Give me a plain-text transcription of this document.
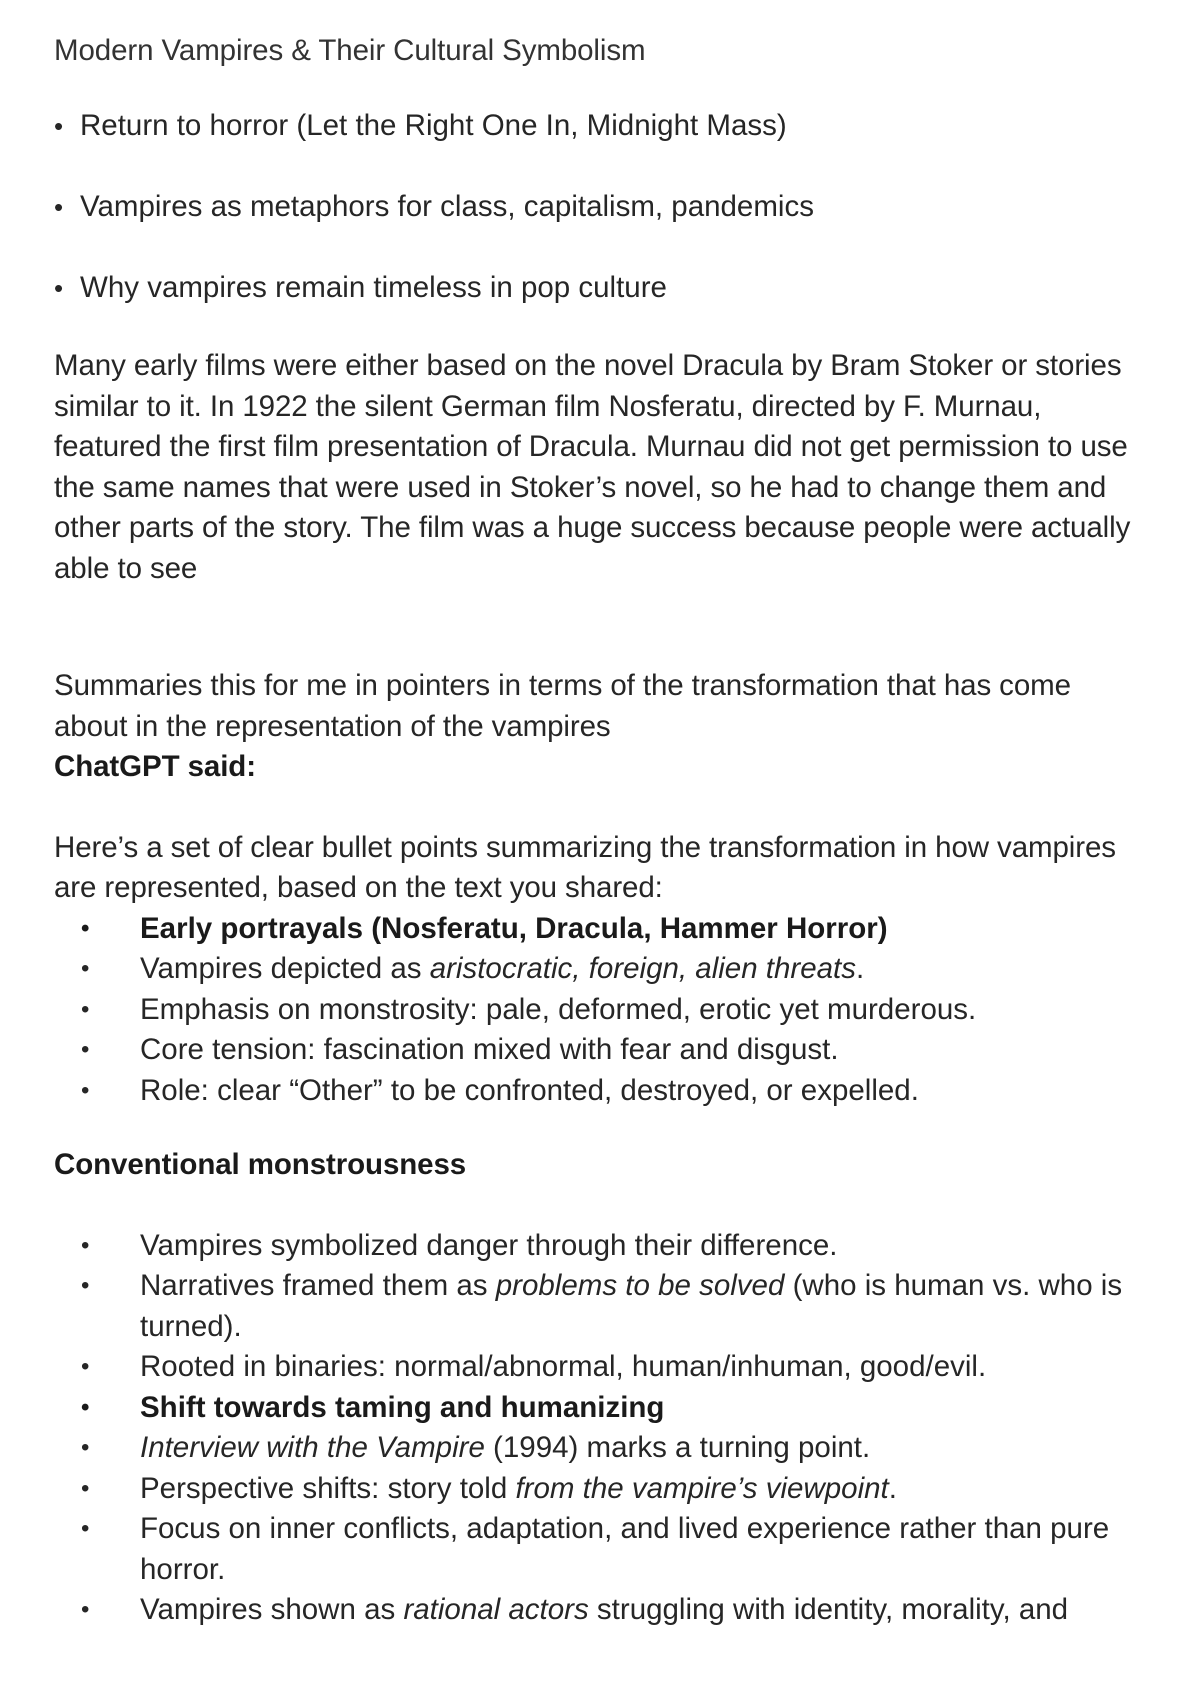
Modern Vampires & Their Cultural Symbolism

• Return to horror (Let the Right One In, Midnight Mass)
• Vampires as metaphors for class, capitalism, pandemics
• Why vampires remain timeless in pop culture

Many early films were either based on the novel Dracula by Bram Stoker or stories similar to it. In 1922 the silent German film Nosferatu, directed by F. Murnau, featured the first film presentation of Dracula. Murnau did not get permission to use the same names that were used in Stoker’s novel, so he had to change them and other parts of the story. The film was a huge success because people were actually able to see

Summaries this for me in pointers in terms of the transformation that has come about in the representation of the vampires

ChatGPT said:

Here’s a set of clear bullet points summarizing the transformation in how vampires are represented, based on the text you shared:

• Early portrayals (Nosferatu, Dracula, Hammer Horror)
• Vampires depicted as aristocratic, foreign, alien threats.
• Emphasis on monstrosity: pale, deformed, erotic yet murderous.
• Core tension: fascination mixed with fear and disgust.
• Role: clear “Other” to be confronted, destroyed, or expelled.

Conventional monstrousness

• Vampires symbolized danger through their difference.
• Narratives framed them as problems to be solved (who is human vs. who is turned).
• Rooted in binaries: normal/abnormal, human/inhuman, good/evil.
• Shift towards taming and humanizing
• Interview with the Vampire (1994) marks a turning point.
• Perspective shifts: story told from the vampire’s viewpoint.
• Focus on inner conflicts, adaptation, and lived experience rather than pure horror.
• Vampires shown as rational actors struggling with identity, morality, and
